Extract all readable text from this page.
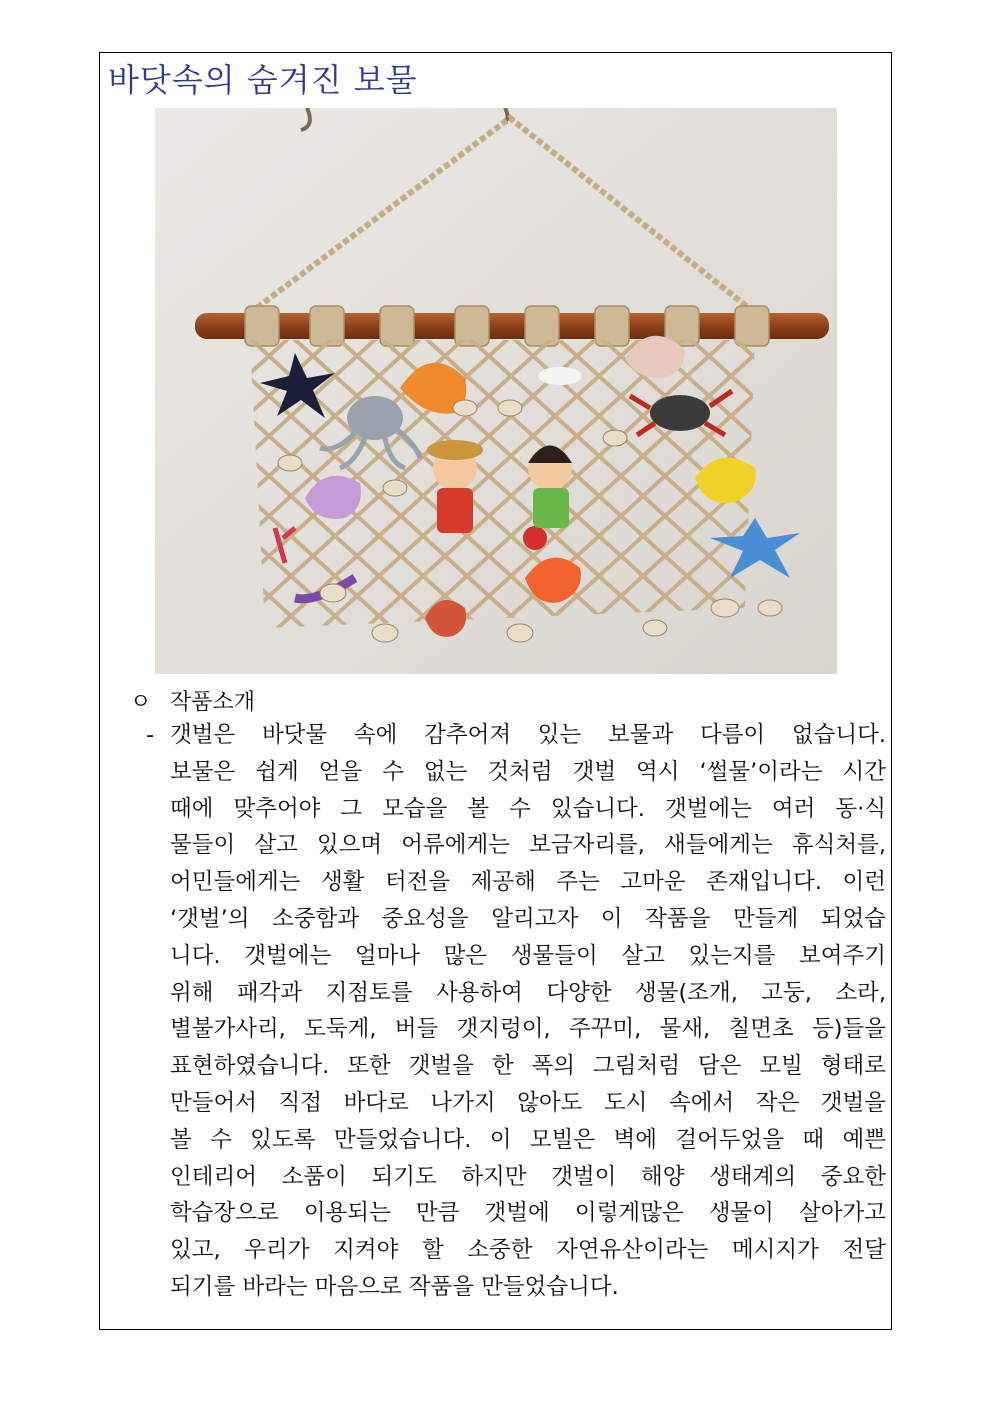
바닷속의 숨겨진 보물
ㅇ 작품소개
- 갯벌은 바닷물 속에 감추어져 있는 보물과 다름이 없습니다.
보물은 쉽게 얻을 수 없는 것처럼 갯벌 역시 ‘썰물’이라는 시간
때에 맞추어야 그 모습을 볼 수 있습니다. 갯벌에는 여러 동·식
물들이 살고 있으며 어류에게는 보금자리를, 새들에게는 휴식처를,
어민들에게는 생활 터전을 제공해 주는 고마운 존재입니다. 이런
‘갯벌’의 소중함과 중요성을 알리고자 이 작품을 만들게 되었습
니다. 갯벌에는 얼마나 많은 생물들이 살고 있는지를 보여주기
위해 패각과 지점토를 사용하여 다양한 생물(조개, 고둥, 소라,
별불가사리, 도둑게, 버들 갯지렁이, 주꾸미, 물새, 칠면초 등)들을
표현하였습니다. 또한 갯벌을 한 폭의 그림처럼 담은 모빌 형태로
만들어서 직접 바다로 나가지 않아도 도시 속에서 작은 갯벌을
볼 수 있도록 만들었습니다. 이 모빌은 벽에 걸어두었을 때 예쁜
인테리어 소품이 되기도 하지만 갯벌이 해양 생태계의 중요한
학습장으로 이용되는 만큼 갯벌에 이렇게많은 생물이 살아가고
있고, 우리가 지켜야 할 소중한 자연유산이라는 메시지가 전달
되기를 바라는 마음으로 작품을 만들었습니다.
